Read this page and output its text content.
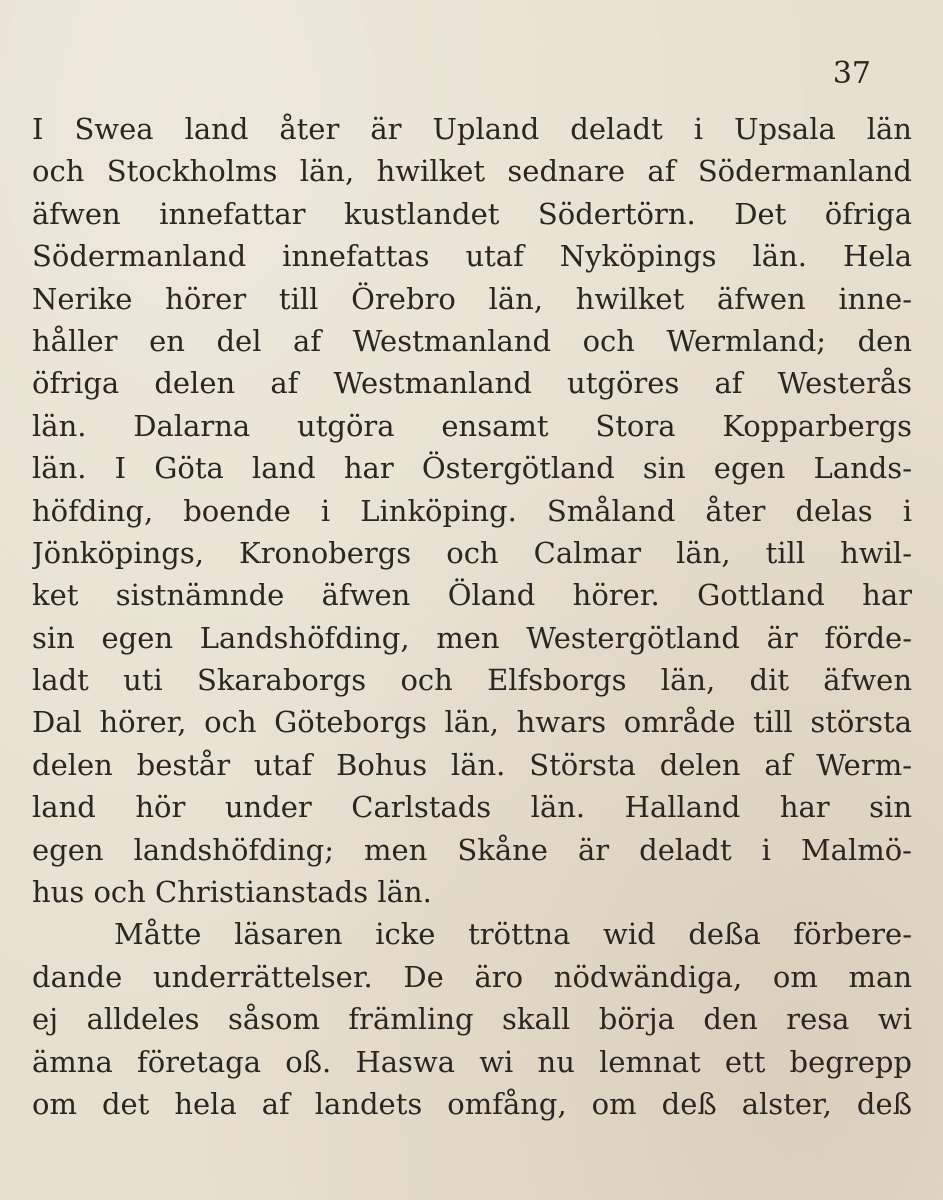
37
I Swea land åter är Upland deladt i Upsala län
och Stockholms län, hwilket sednare af Södermanland
äfwen innefattar kustlandet Södertörn. Det öfriga
Södermanland innefattas utaf Nyköpings län. Hela
Nerike hörer till Örebro län, hwilket äfwen inne-
håller en del af Westmanland och Wermland; den
öfriga delen af Westmanland utgöres af Westerås
län. Dalarna utgöra ensamt Stora Kopparbergs
län. I Göta land har Östergötland sin egen Lands-
höfding, boende i Linköping. Småland åter delas i
Jönköpings, Kronobergs och Calmar län, till hwil-
ket sistnämnde äfwen Öland hörer. Gottland har
sin egen Landshöfding, men Westergötland är förde-
ladt uti Skaraborgs och Elfsborgs län, dit äfwen
Dal hörer, och Göteborgs län, hwars område till största
delen består utaf Bohus län. Största delen af Werm-
land hör under Carlstads län. Halland har sin
egen landshöfding; men Skåne är deladt i Malmö-
hus och Christianstads län.
Måtte läsaren icke tröttna wid deßa förbere-
dande underrättelser. De äro nödwändiga, om man
ej alldeles såsom främling skall börja den resa wi
ämna företaga oß. Haswa wi nu lemnat ett begrepp
om det hela af landets omfång, om deß alster, deß
